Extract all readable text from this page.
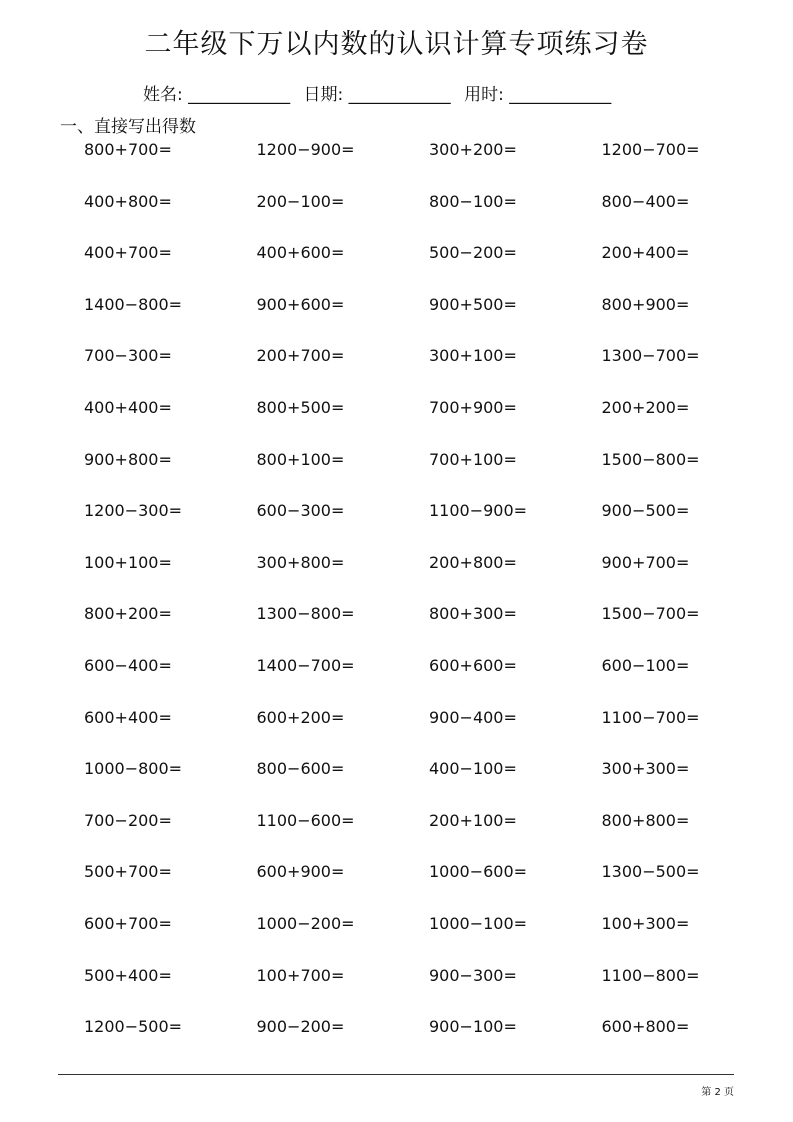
二年级下万以内数的认识计算专项练习卷
姓名: ____________ 日期: ____________ 用时: ____________
一、直接写出得数
800+700=	1200−900=	300+200=	1200−700=
400+800=	200−100=	800−100=	800−400=
400+700=	400+600=	500−200=	200+400=
1400−800=	900+600=	900+500=	800+900=
700−300=	200+700=	300+100=	1300−700=
400+400=	800+500=	700+900=	200+200=
900+800=	800+100=	700+100=	1500−800=
1200−300=	600−300=	1100−900=	900−500=
100+100=	300+800=	200+800=	900+700=
800+200=	1300−800=	800+300=	1500−700=
600−400=	1400−700=	600+600=	600−100=
600+400=	600+200=	900−400=	1100−700=
1000−800=	800−600=	400−100=	300+300=
700−200=	1100−600=	200+100=	800+800=
500+700=	600+900=	1000−600=	1300−500=
600+700=	1000−200=	1000−100=	100+300=
500+400=	100+700=	900−300=	1100−800=
1200−500=	900−200=	900−100=	600+800=
第 2 页
